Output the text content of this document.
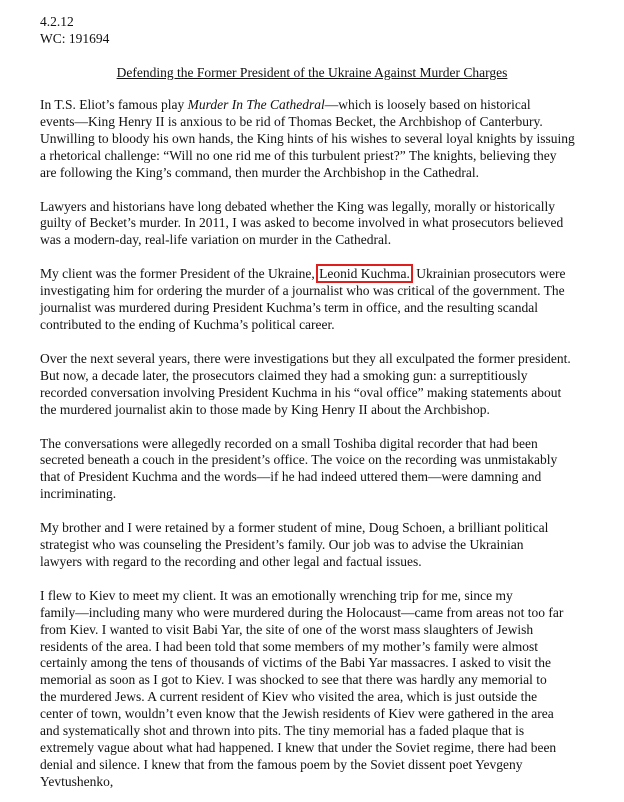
4.2.12
WC: 191694
Defending the Former President of the Ukraine Against Murder Charges

In T.S. Eliot’s famous play Murder In The Cathedral—which is loosely based on historical
events—King Henry II is anxious to be rid of Thomas Becket, the Archbishop of Canterbury.
Unwilling to bloody his own hands, the King hints of his wishes to several loyal knights by issuing
a rhetorical challenge: “Will no one rid me of this turbulent priest?” The knights, believing they
are following the King’s command, then murder the Archbishop in the Cathedral.

Lawyers and historians have long debated whether the King was legally, morally or historically
guilty of Becket’s murder. In 2011, I was asked to become involved in what prosecutors believed
was a modern-day, real-life variation on murder in the Cathedral.

My client was the former President of the Ukraine, Leonid Kuchma. Ukrainian prosecutors were
investigating him for ordering the murder of a journalist who was critical of the government. The
journalist was murdered during President Kuchma’s term in office, and the resulting scandal
contributed to the ending of Kuchma’s political career.

Over the next several years, there were investigations but they all exculpated the former president.
But now, a decade later, the prosecutors claimed they had a smoking gun: a surreptitiously
recorded conversation involving President Kuchma in his “oval office” making statements about
the murdered journalist akin to those made by King Henry II about the Archbishop.

The conversations were allegedly recorded on a small Toshiba digital recorder that had been
secreted beneath a couch in the president’s office. The voice on the recording was unmistakably
that of President Kuchma and the words—if he had indeed uttered them—were damning and
incriminating.

My brother and I were retained by a former student of mine, Doug Schoen, a brilliant political
strategist who was counseling the President’s family. Our job was to advise the Ukrainian
lawyers with regard to the recording and other legal and factual issues.

I flew to Kiev to meet my client. It was an emotionally wrenching trip for me, since my
family—including many who were murdered during the Holocaust—came from areas not too far
from Kiev. I wanted to visit Babi Yar, the site of one of the worst mass slaughters of Jewish
residents of the area. I had been told that some members of my mother’s family were almost
certainly among the tens of thousands of victims of the Babi Yar massacres. I asked to visit the
memorial as soon as I got to Kiev. I was shocked to see that there was hardly any memorial to
the murdered Jews. A current resident of Kiev who visited the area, which is just outside the
center of town, wouldn’t even know that the Jewish residents of Kiev were gathered in the area
and systematically shot and thrown into pits. The tiny memorial has a faded plaque that is
extremely vague about what had happened. I knew that under the Soviet regime, there had been
denial and silence. I knew that from the famous poem by the Soviet dissent poet Yevgeny
Yevtushenko,
